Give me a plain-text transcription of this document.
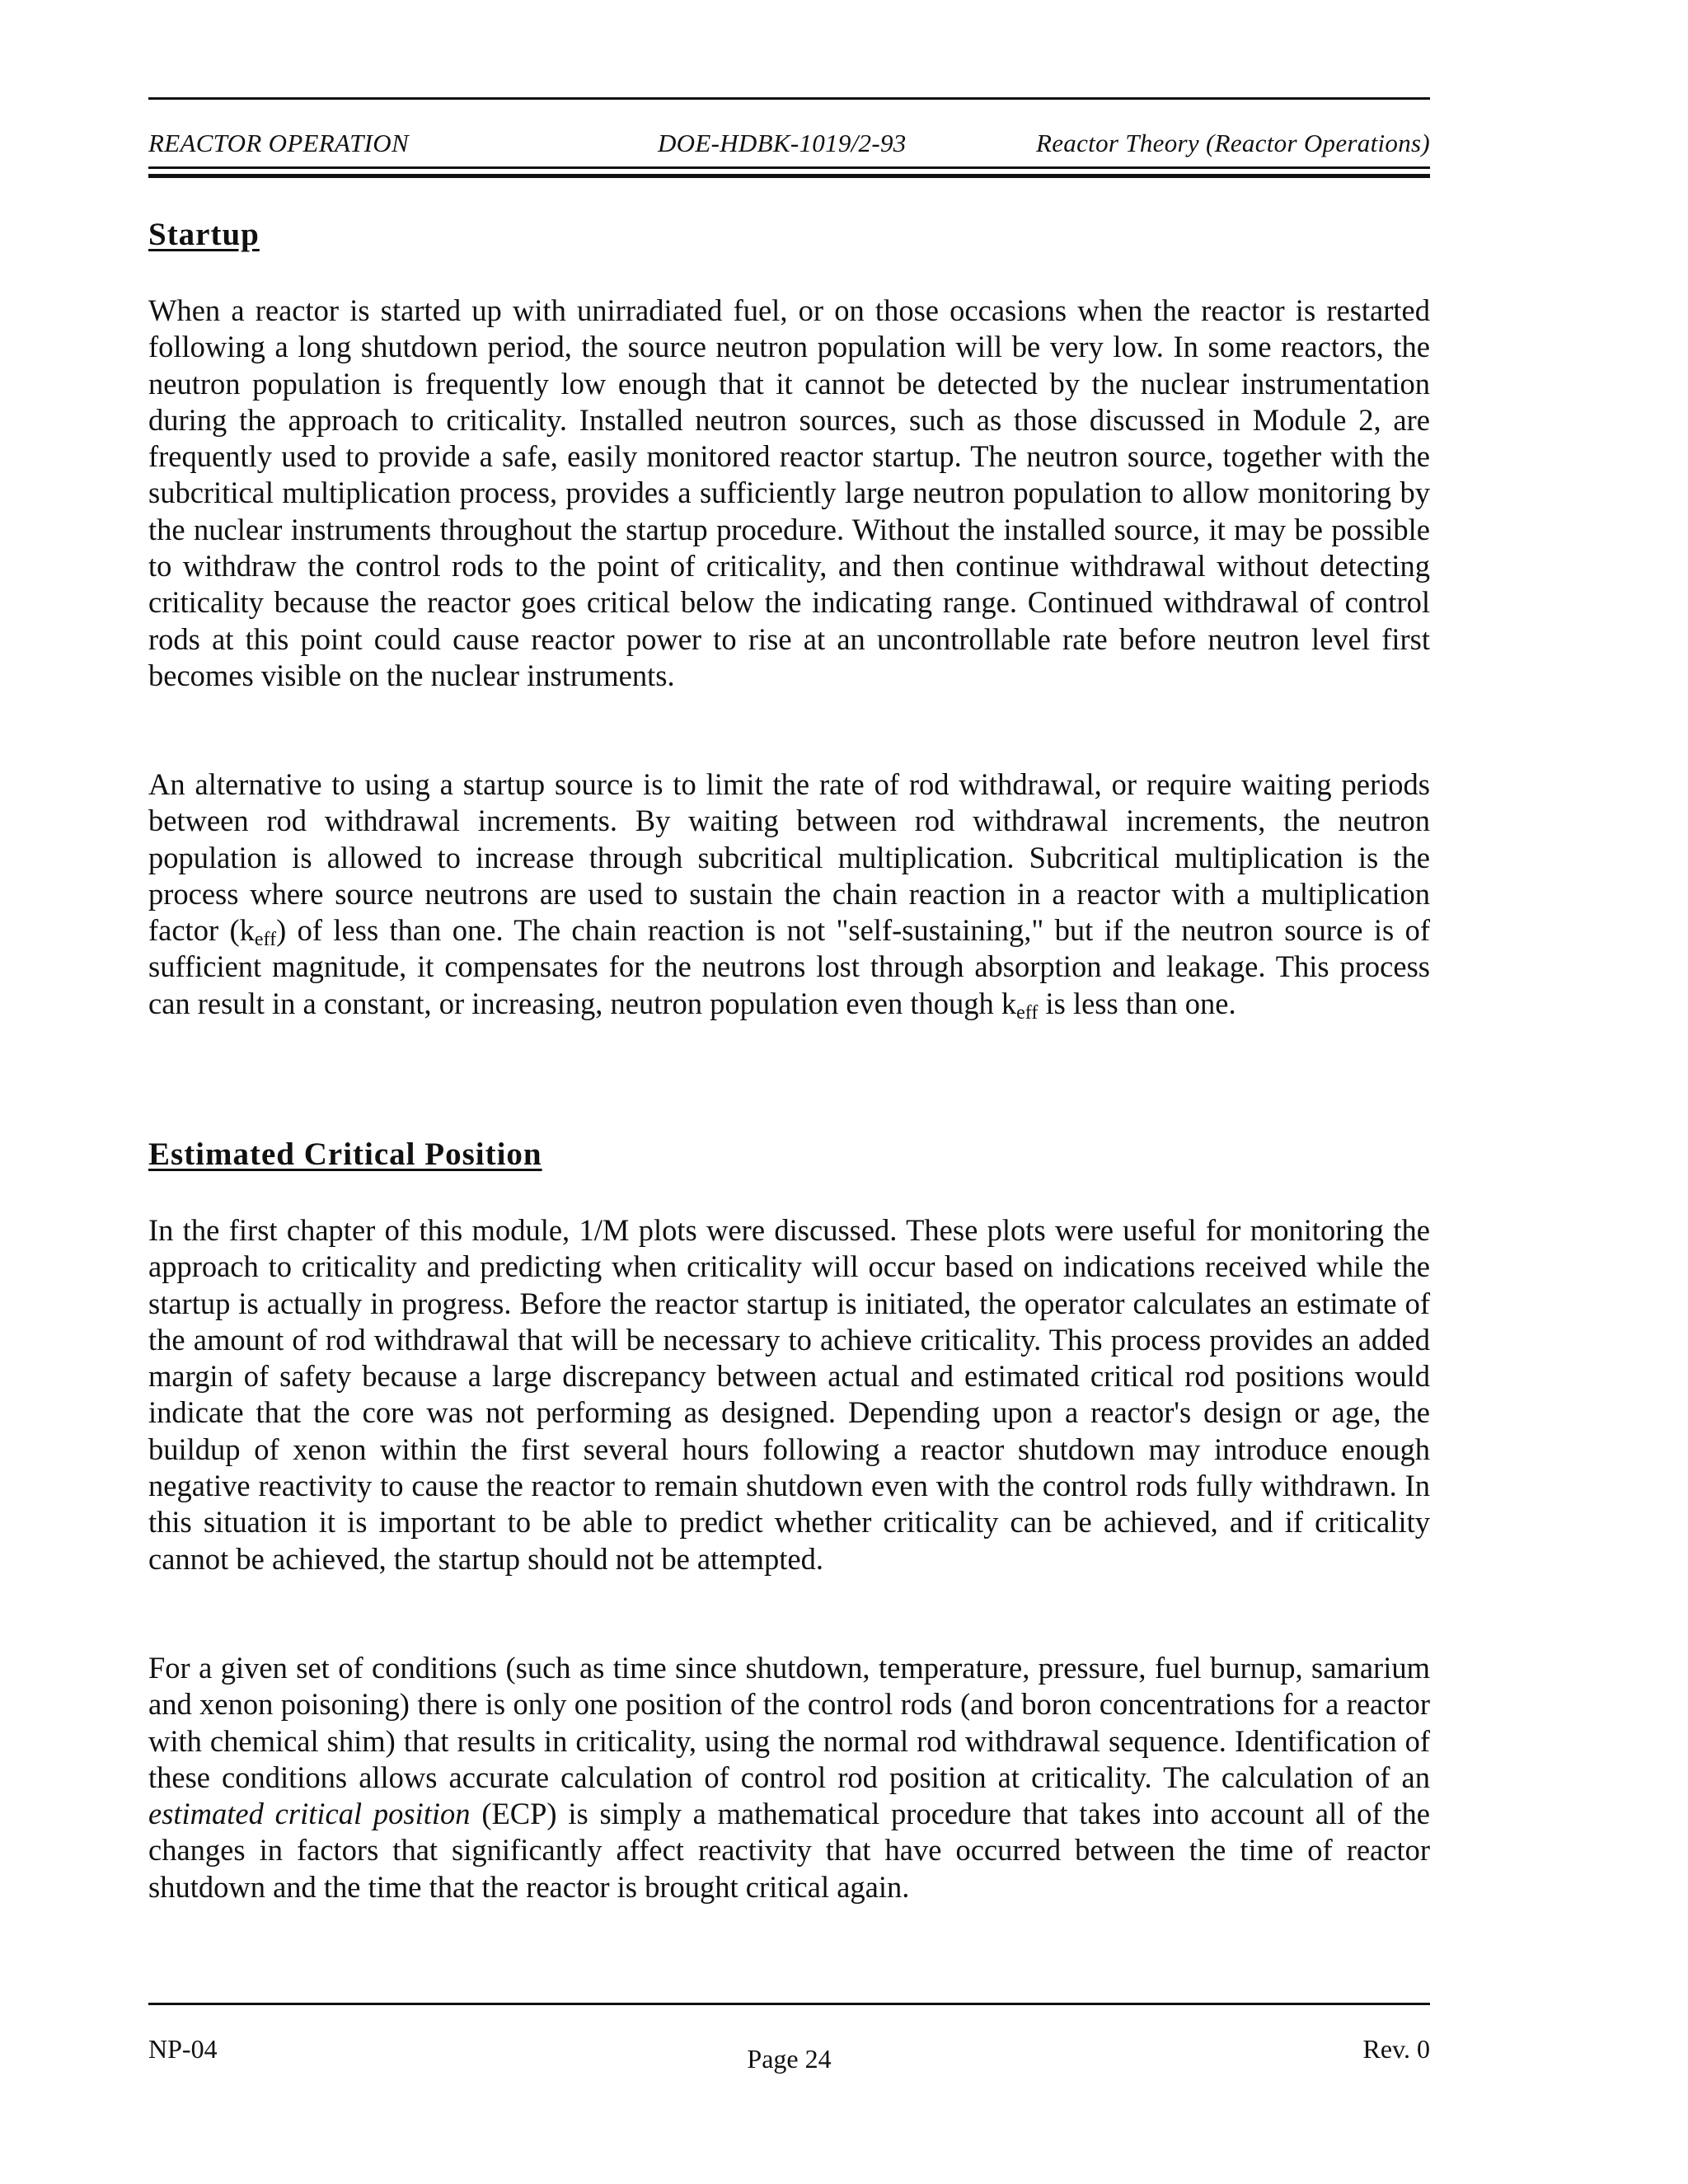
REACTOR OPERATION	DOE-HDBK-1019/2-93	Reactor Theory (Reactor Operations)
Startup

When a reactor is started up with unirradiated fuel, or on those occasions when the reactor is restarted following a long shutdown period, the source neutron population will be very low. In some reactors, the neutron population is frequently low enough that it cannot be detected by the nuclear instrumentation during the approach to criticality. Installed neutron sources, such as those discussed in Module 2, are frequently used to provide a safe, easily monitored reactor startup. The neutron source, together with the subcritical multiplication process, provides a sufficiently large neutron population to allow monitoring by the nuclear instruments throughout the startup procedure. Without the installed source, it may be possible to withdraw the control rods to the point of criticality, and then continue withdrawal without detecting criticality because the reactor goes critical below the indicating range. Continued withdrawal of control rods at this point could cause reactor power to rise at an uncontrollable rate before neutron level first becomes visible on the nuclear instruments.

An alternative to using a startup source is to limit the rate of rod withdrawal, or require waiting periods between rod withdrawal increments. By waiting between rod withdrawal increments, the neutron population is allowed to increase through subcritical multiplication. Subcritical multiplication is the process where source neutrons are used to sustain the chain reaction in a reactor with a multiplication factor $(k_{eff})$ of less than one. The chain reaction is not "self-sustaining," but if the neutron source is of sufficient magnitude, it compensates for the neutrons lost through absorption and leakage. This process can result in a constant, or increasing, neutron population even though $k_{eff}$ is less than one.

Estimated Critical Position

In the first chapter of this module, 1/M plots were discussed. These plots were useful for monitoring the approach to criticality and predicting when criticality will occur based on indications received while the startup is actually in progress. Before the reactor startup is initiated, the operator calculates an estimate of the amount of rod withdrawal that will be necessary to achieve criticality. This process provides an added margin of safety because a large discrepancy between actual and estimated critical rod positions would indicate that the core was not performing as designed. Depending upon a reactor's design or age, the buildup of xenon within the first several hours following a reactor shutdown may introduce enough negative reactivity to cause the reactor to remain shutdown even with the control rods fully withdrawn. In this situation it is important to be able to predict whether criticality can be achieved, and if criticality cannot be achieved, the startup should not be attempted.

For a given set of conditions (such as time since shutdown, temperature, pressure, fuel burnup, samarium and xenon poisoning) there is only one position of the control rods (and boron concentrations for a reactor with chemical shim) that results in criticality, using the normal rod withdrawal sequence. Identification of these conditions allows accurate calculation of control rod position at criticality. The calculation of an estimated critical position (ECP) is simply a mathematical procedure that takes into account all of the changes in factors that significantly affect reactivity that have occurred between the time of reactor shutdown and the time that the reactor is brought critical again.

NP-04	Page 24	Rev. 0
